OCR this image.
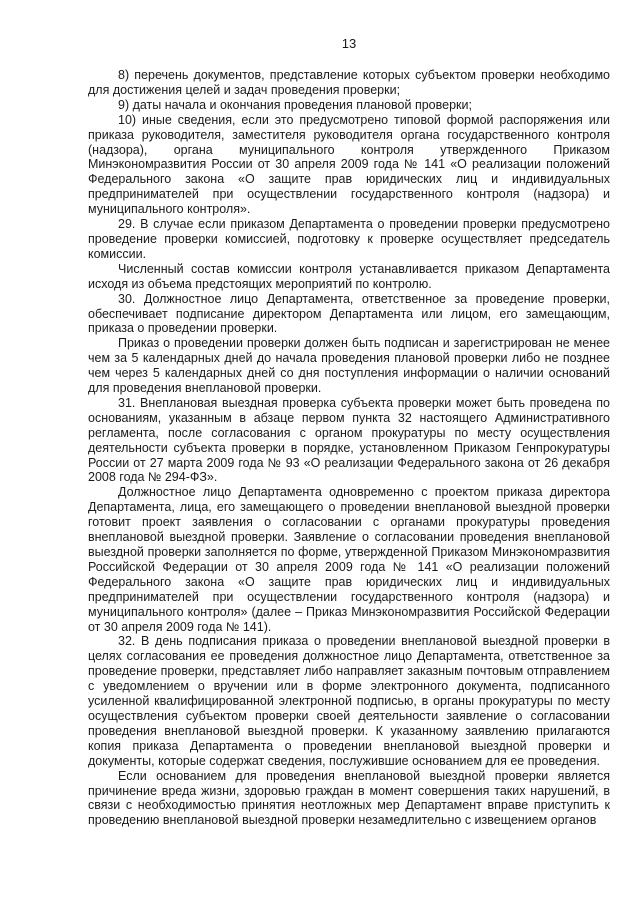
13

8) перечень документов, представление которых субъектом проверки необходимо для достижения целей и задач проведения проверки;

9) даты начала и окончания проведения плановой проверки;

10) иные сведения, если это предусмотрено типовой формой распоряжения или приказа руководителя, заместителя руководителя органа государственного контроля (надзора), органа муниципального контроля утвержденного Приказом Минэкономразвития России от 30 апреля 2009 года № 141 «О реализации положений Федерального закона «О защите прав юридических лиц и индивидуальных предпринимателей при осуществлении государственного контроля (надзора) и муниципального контроля».

29. В случае если приказом Департамента о проведении проверки предусмотрено проведение проверки комиссией, подготовку к проверке осуществляет председатель комиссии.

Численный состав комиссии контроля устанавливается приказом Департамента исходя из объема предстоящих мероприятий по контролю.

30. Должностное лицо Департамента, ответственное за проведение проверки, обеспечивает подписание директором Департамента или лицом, его замещающим, приказа о проведении проверки.

Приказ о проведении проверки должен быть подписан и зарегистрирован не менее чем за 5 календарных дней до начала проведения плановой проверки либо не позднее чем через 5 календарных дней со дня поступления информации о наличии оснований для проведения внеплановой проверки.

31. Внеплановая выездная проверка субъекта проверки может быть проведена по основаниям, указанным в абзаце первом пункта 32 настоящего Административного регламента, после согласования с органом прокуратуры по месту осуществления деятельности субъекта проверки в порядке, установленном Приказом Генпрокуратуры России от 27 марта 2009 года № 93 «О реализации Федерального закона от 26 декабря 2008 года № 294-ФЗ».

Должностное лицо Департамента одновременно с проектом приказа директора Департамента, лица, его замещающего о проведении внеплановой выездной проверки готовит проект заявления о согласовании с органами прокуратуры проведения внеплановой выездной проверки. Заявление о согласовании проведения внеплановой выездной проверки заполняется по форме, утвержденной Приказом Минэкономразвития Российской Федерации от 30 апреля 2009 года № 141 «О реализации положений Федерального закона «О защите прав юридических лиц и индивидуальных предпринимателей при осуществлении государственного контроля (надзора) и муниципального контроля» (далее – Приказ Минэкономразвития Российской Федерации от 30 апреля 2009 года № 141).

32. В день подписания приказа о проведении внеплановой выездной проверки в целях согласования ее проведения должностное лицо Департамента, ответственное за проведение проверки, представляет либо направляет заказным почтовым отправлением с уведомлением о вручении или в форме электронного документа, подписанного усиленной квалифицированной электронной подписью, в органы прокуратуры по месту осуществления субъектом проверки своей деятельности заявление о согласовании проведения внеплановой выездной проверки. К указанному заявлению прилагаются копия приказа Департамента о проведении внеплановой выездной проверки и документы, которые содержат сведения, послужившие основанием для ее проведения.

Если основанием для проведения внеплановой выездной проверки является причинение вреда жизни, здоровью граждан в момент совершения таких нарушений, в связи с необходимостью принятия неотложных мер Департамент вправе приступить к проведению внеплановой выездной проверки незамедлительно с извещением органов
